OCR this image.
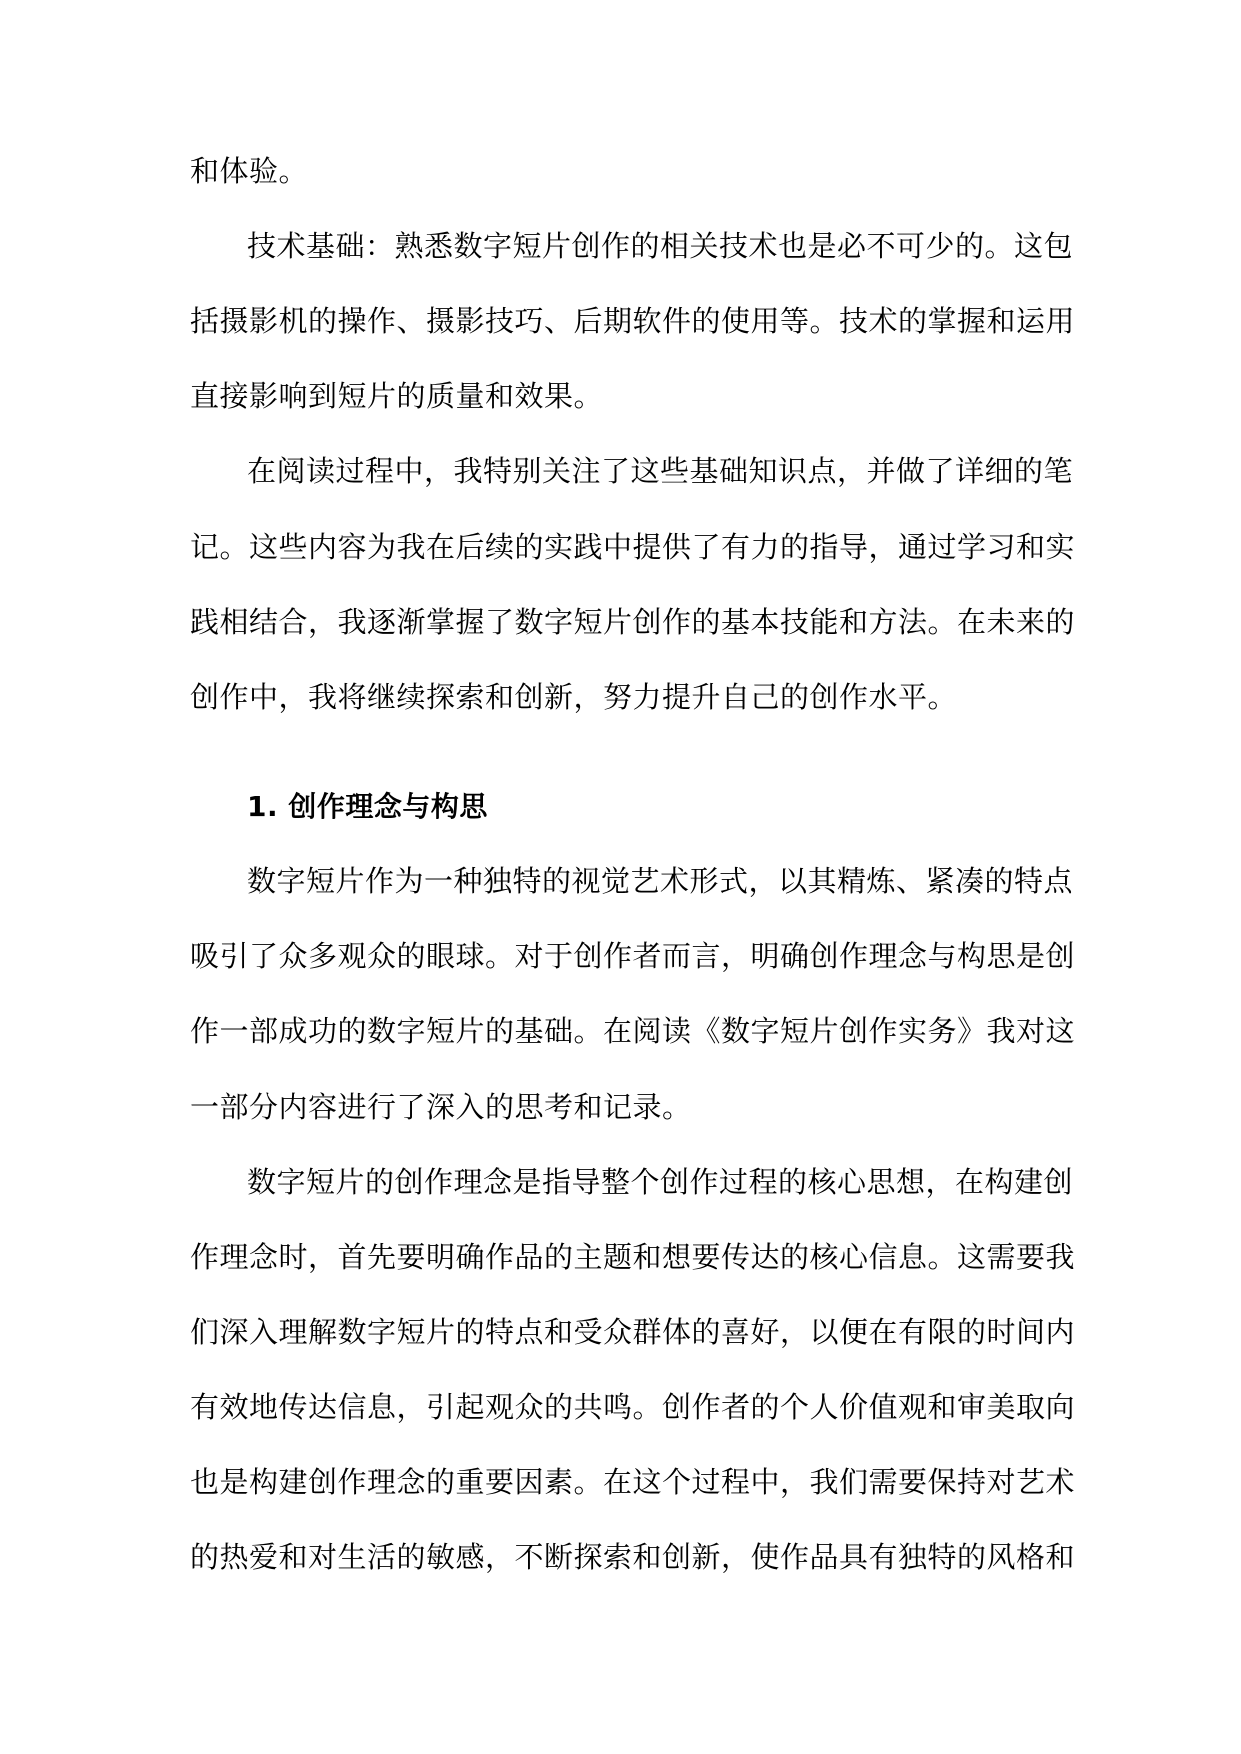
和体验。
技术基础：熟悉数字短片创作的相关技术也是必不可少的。这包
括摄影机的操作、摄影技巧、后期软件的使用等。技术的掌握和运用
直接影响到短片的质量和效果。
在阅读过程中，我特别关注了这些基础知识点，并做了详细的笔
记。这些内容为我在后续的实践中提供了有力的指导，通过学习和实
践相结合，我逐渐掌握了数字短片创作的基本技能和方法。在未来的
创作中，我将继续探索和创新，努力提升自己的创作水平。
1. 创作理念与构思
数字短片作为一种独特的视觉艺术形式，以其精炼、紧凑的特点
吸引了众多观众的眼球。对于创作者而言，明确创作理念与构思是创
作一部成功的数字短片的基础。在阅读《数字短片创作实务》我对这
一部分内容进行了深入的思考和记录。
数字短片的创作理念是指导整个创作过程的核心思想，在构建创
作理念时，首先要明确作品的主题和想要传达的核心信息。这需要我
们深入理解数字短片的特点和受众群体的喜好，以便在有限的时间内
有效地传达信息，引起观众的共鸣。创作者的个人价值观和审美取向
也是构建创作理念的重要因素。在这个过程中，我们需要保持对艺术
的热爱和对生活的敏感，不断探索和创新，使作品具有独特的风格和
